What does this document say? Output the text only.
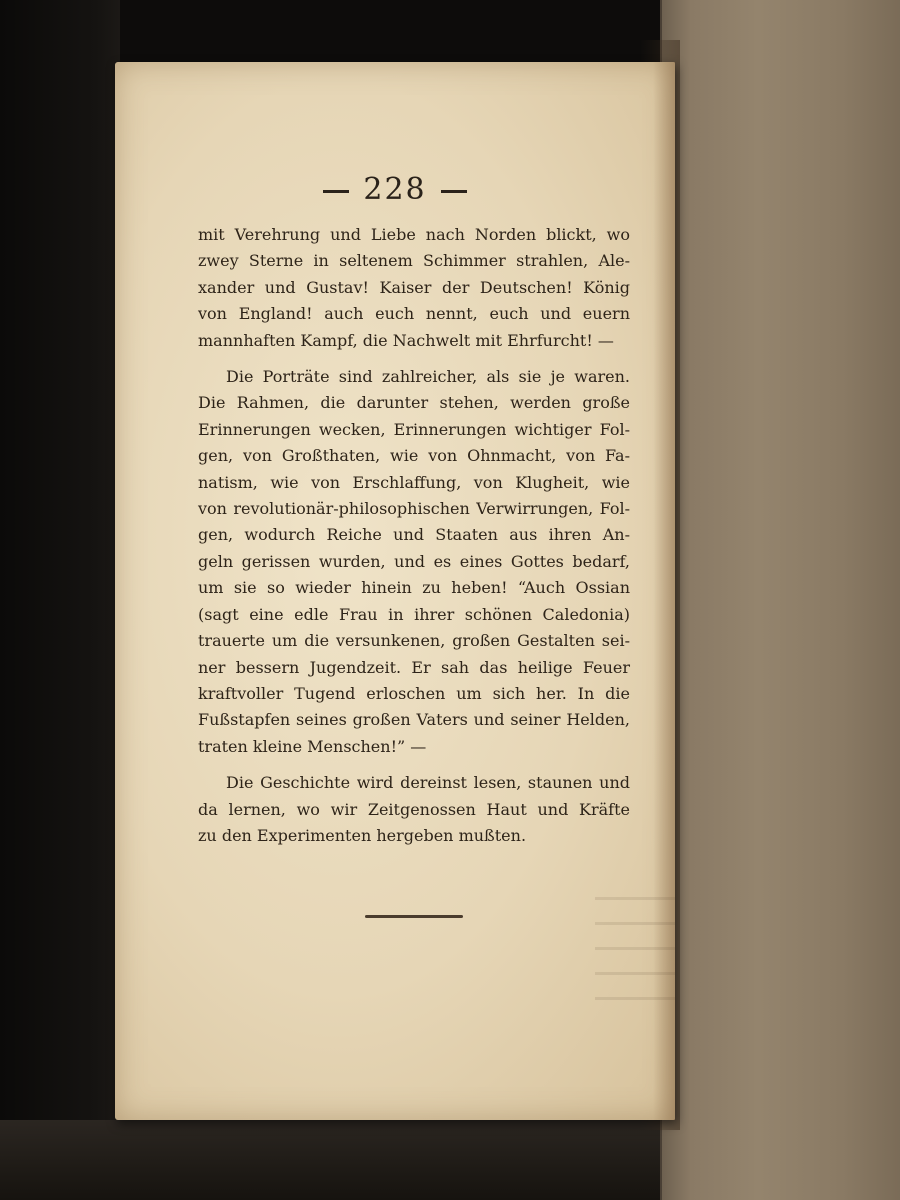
228
mit Verehrung und Liebe nach Norden blickt, wo
zwey Sterne in seltenem Schimmer strahlen, Ale-
xander und Gustav! Kaiser der Deutschen! König
von England! auch euch nennt, euch und euern
mannhaften Kampf, die Nachwelt mit Ehrfurcht! —
Die Porträte sind zahlreicher, als sie je waren.
Die Rahmen, die darunter stehen, werden große
Erinnerungen wecken, Erinnerungen wichtiger Fol-
gen, von Großthaten, wie von Ohnmacht, von Fa-
natism, wie von Erschlaffung, von Klugheit, wie
von revolutionär-philosophischen Verwirrungen, Fol-
gen, wodurch Reiche und Staaten aus ihren An-
geln gerissen wurden, und es eines Gottes bedarf,
um sie so wieder hinein zu heben! “Auch Ossian
(sagt eine edle Frau in ihrer schönen Caledonia)
trauerte um die versunkenen, großen Gestalten sei-
ner bessern Jugendzeit. Er sah das heilige Feuer
kraftvoller Tugend erloschen um sich her. In die
Fußstapfen seines großen Vaters und seiner Helden,
traten kleine Menschen!” —
Die Geschichte wird dereinst lesen, staunen und
da lernen, wo wir Zeitgenossen Haut und Kräfte
zu den Experimenten hergeben mußten.
